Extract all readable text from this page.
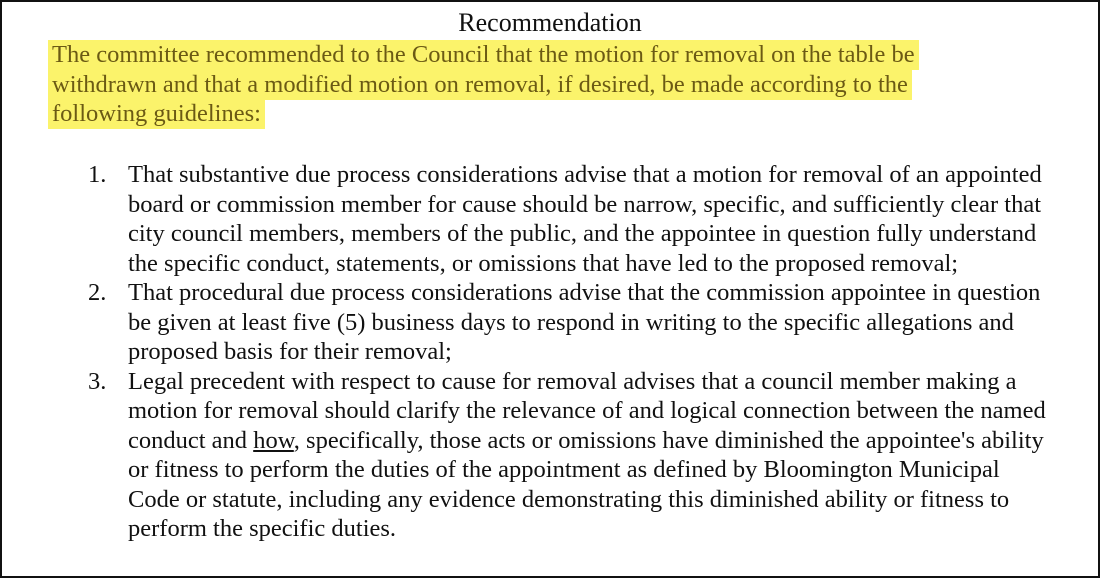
Recommendation
The committee recommended to the Council that the motion for removal on the table be withdrawn and that a modified motion on removal, if desired, be made according to the following guidelines:
1. That substantive due process considerations advise that a motion for removal of an appointed board or commission member for cause should be narrow, specific, and sufficiently clear that city council members, members of the public, and the appointee in question fully understand the specific conduct, statements, or omissions that have led to the proposed removal;
2. That procedural due process considerations advise that the commission appointee in question be given at least five (5) business days to respond in writing to the specific allegations and proposed basis for their removal;
3. Legal precedent with respect to cause for removal advises that a council member making a motion for removal should clarify the relevance of and logical connection between the named conduct and how, specifically, those acts or omissions have diminished the appointee's ability or fitness to perform the duties of the appointment as defined by Bloomington Municipal Code or statute, including any evidence demonstrating this diminished ability or fitness to perform the specific duties.
